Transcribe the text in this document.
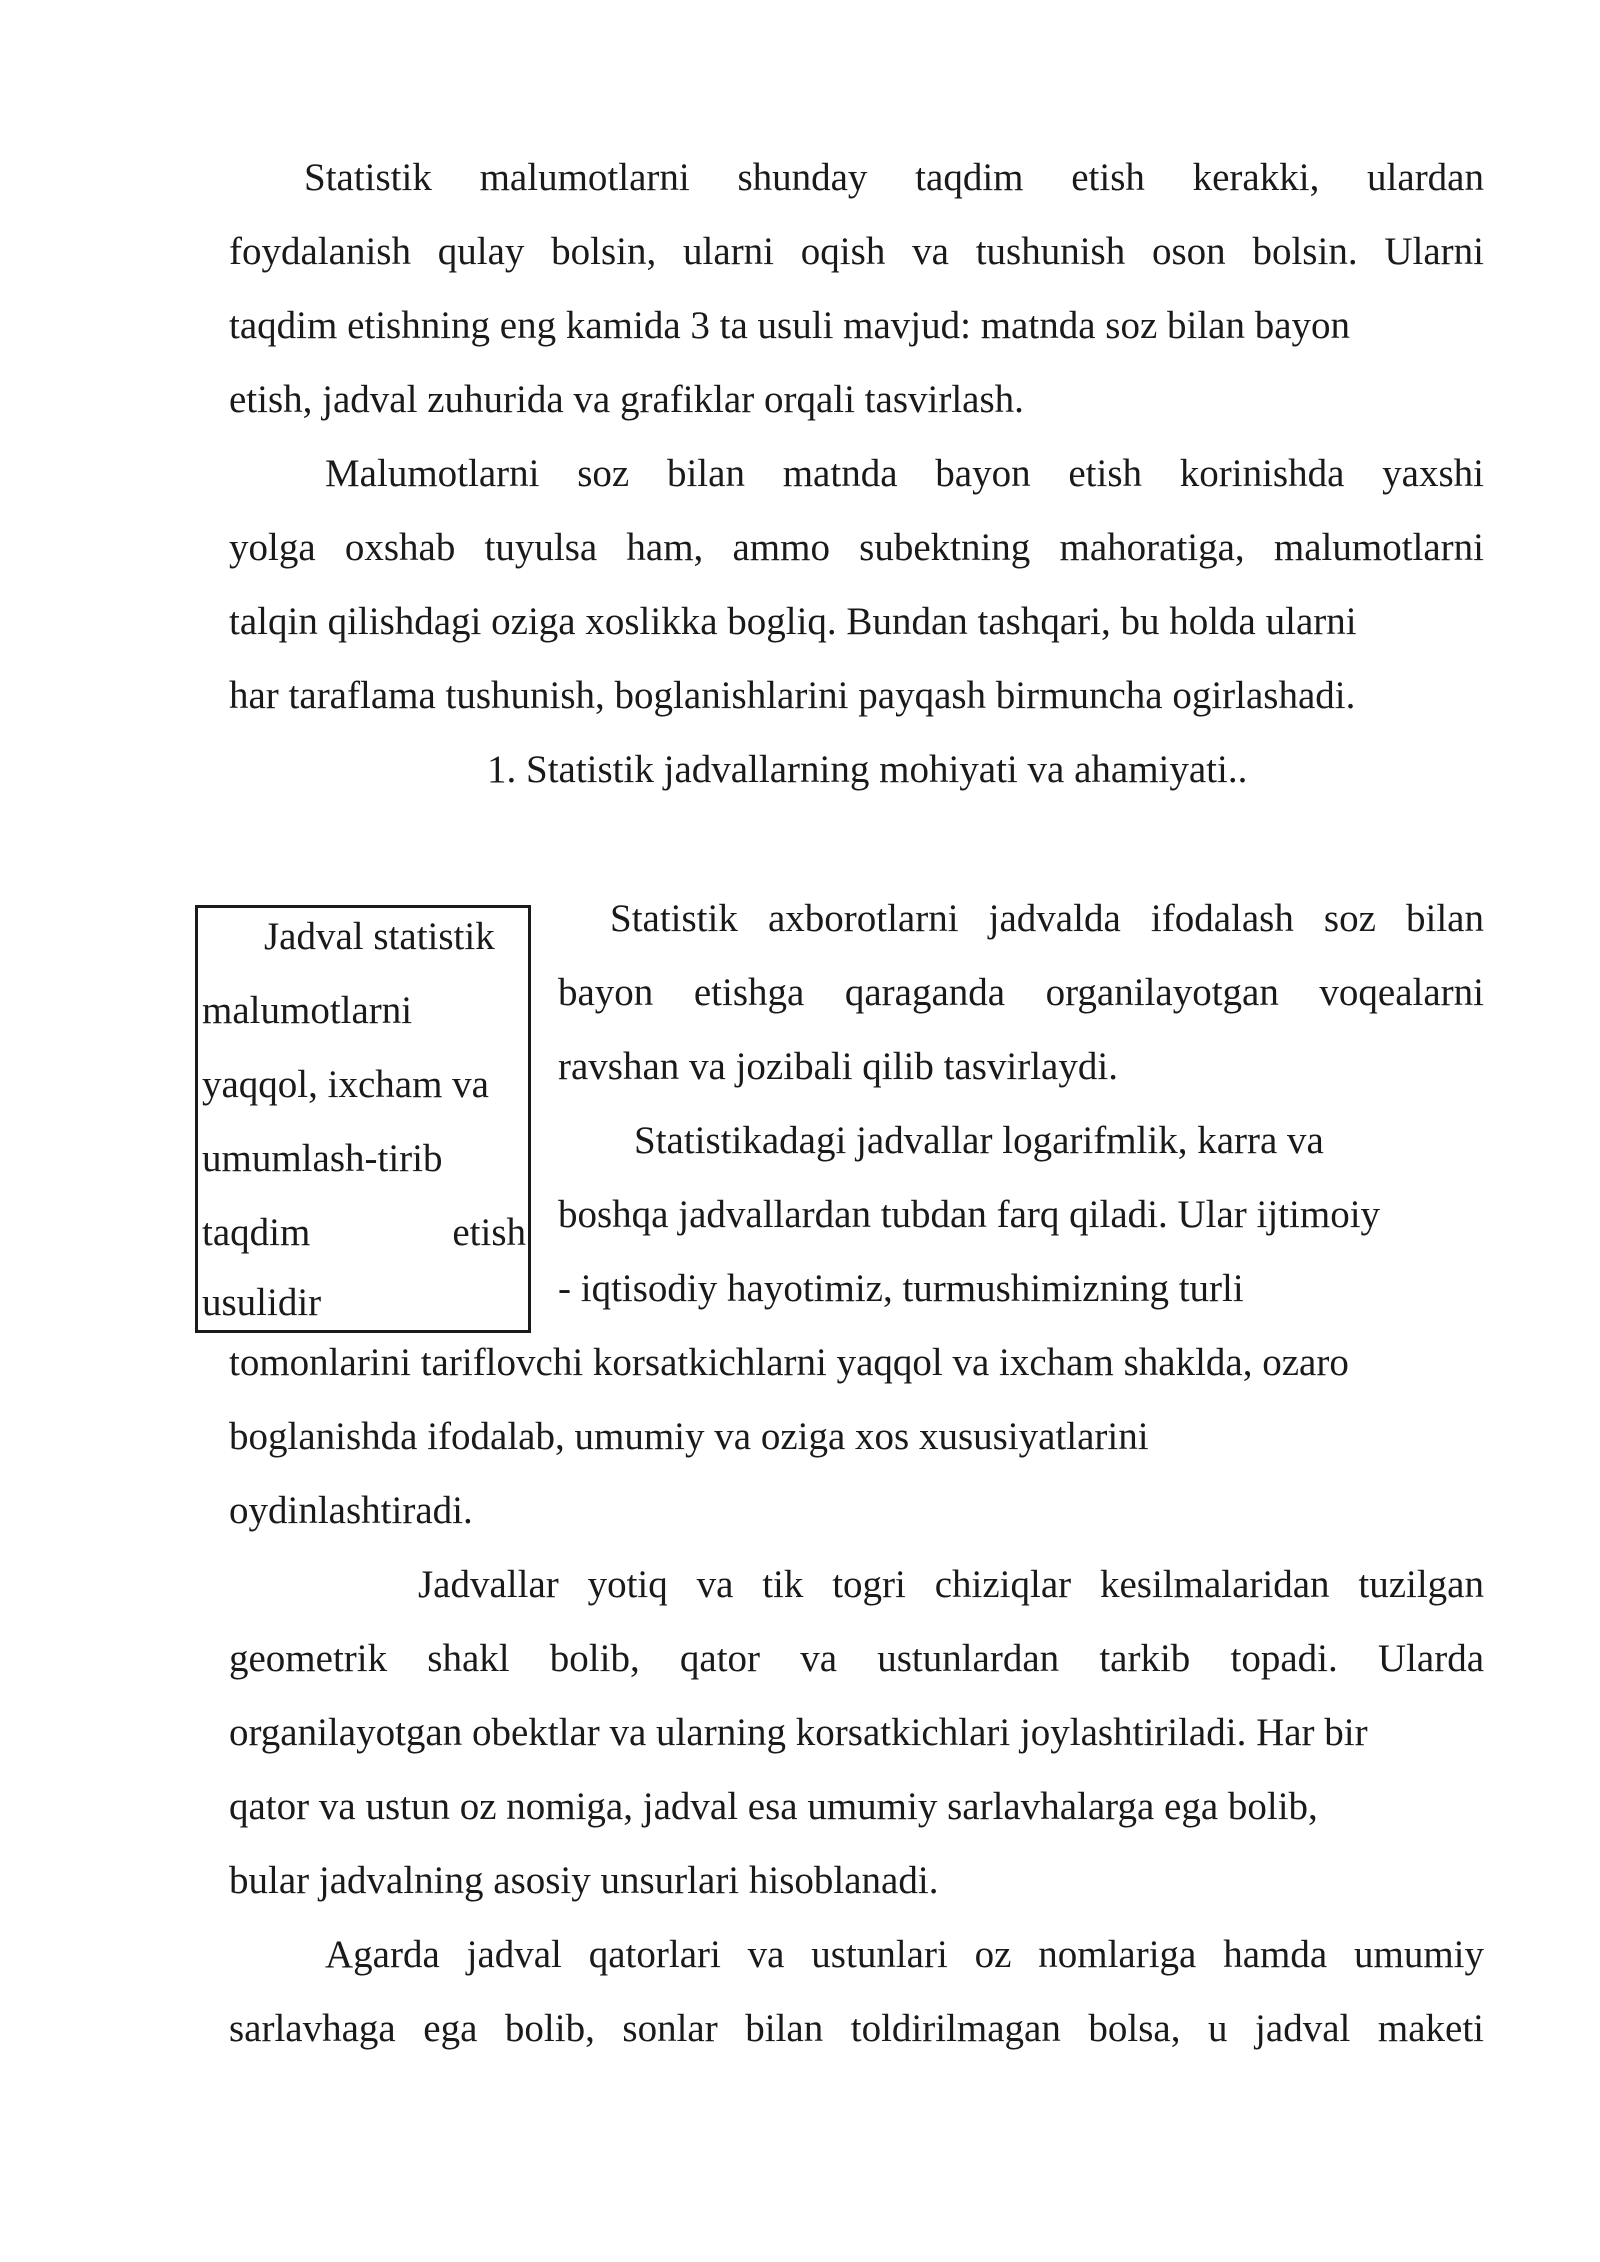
Statistik malumotlarni shunday taqdim etish kerakki, ulardan
foydalanish qulay bolsin, ularni oqish va tushunish oson bolsin. Ularni
taqdim etishning eng kamida 3 ta usuli mavjud: matnda soz bilan bayon
etish, jadval zuhurida va grafiklar orqali tasvirlash.
Malumotlarni soz bilan matnda bayon etish korinishda yaxshi
yolga oxshab tuyulsa ham, ammo subektning mahoratiga, malumotlarni
talqin qilishdagi oziga xoslikka bogliq. Bundan tashqari, bu holda ularni
har taraflama tushunish, boglanishlarini payqash birmuncha ogirlashadi.
1. Statistik jadvallarning mohiyati va ahamiyati..
Jadval statistik
malumotlarni
yaqqol, ixcham va
umumlash-tirib
taqdim etish
usulidir
Statistik axborotlarni jadvalda ifodalash soz bilan
bayon etishga qaraganda organilayotgan voqealarni
ravshan va jozibali qilib tasvirlaydi.
Statistikadagi jadvallar logarifmlik, karra va
boshqa jadvallardan tubdan farq qiladi. Ular ijtimoiy
- iqtisodiy hayotimiz, turmushimizning turli
tomonlarini tariflovchi korsatkichlarni yaqqol va ixcham shaklda, ozaro
boglanishda ifodalab, umumiy va oziga xos xususiyatlarini
oydinlashtiradi.
Jadvallar yotiq va tik togri chiziqlar kesilmalaridan tuzilgan
geometrik shakl bolib, qator va ustunlardan tarkib topadi. Ularda
organilayotgan obektlar va ularning korsatkichlari joylashtiriladi. Har bir
qator va ustun oz nomiga, jadval esa umumiy sarlavhalarga ega bolib,
bular jadvalning asosiy unsurlari hisoblanadi.
Agarda jadval qatorlari va ustunlari oz nomlariga hamda umumiy
sarlavhaga ega bolib, sonlar bilan toldirilmagan bolsa, u jadval maketi
